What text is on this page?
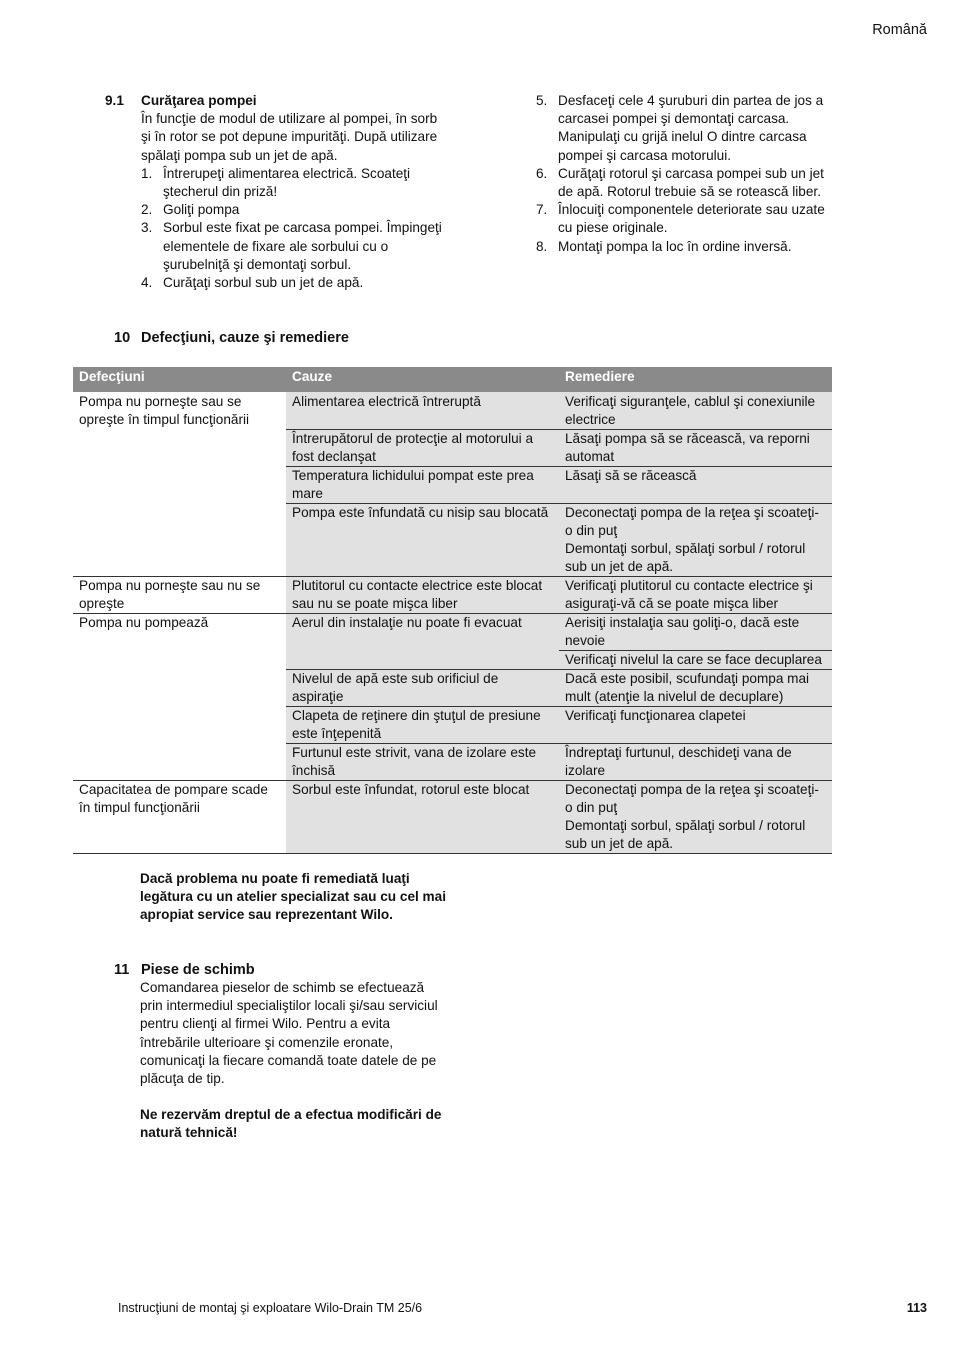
Română
9.1 Curăţarea pompei
În funcţie de modul de utilizare al pompei, în sorb şi în rotor se pot depune impurităţi. După utilizare spălaţi pompa sub un jet de apă.
1. Întrerupeţi alimentarea electrică. Scoateţi ştecherul din priză!
2. Goliţi pompa
3. Sorbul este fixat pe carcasa pompei. Împingeţi elementele de fixare ale sorbului cu o şurubelniţă şi demontaţi sorbul.
4. Curăţaţi sorbul sub un jet de apă.
5. Desfaceţi cele 4 şuruburi din partea de jos a carcasei pompei şi demontaţi carcasa. Manipulaţi cu grijă inelul O dintre carcasa pompei şi carcasa motorului.
6. Curăţaţi rotorul şi carcasa pompei sub un jet de apă. Rotorul trebuie să se rotească liber.
7. Înlocuiţi componentele deteriorate sau uzate cu piese originale.
8. Montaţi pompa la loc în ordine inversă.
10 Defecţiuni, cauze şi remediere
Defecţiuni	Cauze	Remediere
Pompa nu porneşte sau se opreşte în timpul funcţionării	Alimentarea electrică întreruptă	Verificaţi siguranţele, cablul şi conexiunile electrice
	Întrerupătorul de protecţie al motorului a fost declanşat	Lăsaţi pompa să se răcească, va reporni automat
	Temperatura lichidului pompat este prea mare	Lăsaţi să se răcească
	Pompa este înfundată cu nisip sau blocată	Deconectaţi pompa de la reţea şi scoateţi-o din puţ
Demontaţi sorbul, spălaţi sorbul / rotorul sub un jet de apă.
Pompa nu porneşte sau nu se opreşte	Plutitorul cu contacte electrice este blocat sau nu se poate mişca liber	Verificaţi plutitorul cu contacte electrice şi asiguraţi-vă că se poate mişca liber
Pompa nu pompează	Aerul din instalaţie nu poate fi evacuat	Aerisiţi instalaţia sau goliţi-o, dacă este nevoie
		Verificaţi nivelul la care se face decuplarea
	Nivelul de apă este sub orificiul de aspiraţie	Dacă este posibil, scufundaţi pompa mai mult (atenţie la nivelul de decuplare)
	Clapeta de reţinere din ştuţul de presiune este înţepenită	Verificaţi funcţionarea clapetei
	Furtunul este strivit, vana de izolare este închisă	Îndreptaţi furtunul, deschideţi vana de izolare
Capacitatea de pompare scade în timpul funcţionării	Sorbul este înfundat, rotorul este blocat	Deconectaţi pompa de la reţea şi scoateţi-o din puţ
Demontaţi sorbul, spălaţi sorbul / rotorul sub un jet de apă.
Dacă problema nu poate fi remediată luaţi legătura cu un atelier specializat sau cu cel mai apropiat service sau reprezentant Wilo.
11 Piese de schimb
Comandarea pieselor de schimb se efectuează prin intermediul specialiştilor locali şi/sau serviciul pentru clienţi al firmei Wilo. Pentru a evita întrebările ulterioare şi comenzile eronate, comunicaţi la fiecare comandă toate datele de pe plăcuţa de tip.
Ne rezervăm dreptul de a efectua modificări de natură tehnică!
Instrucţiuni de montaj şi exploatare Wilo-Drain TM 25/6	113
